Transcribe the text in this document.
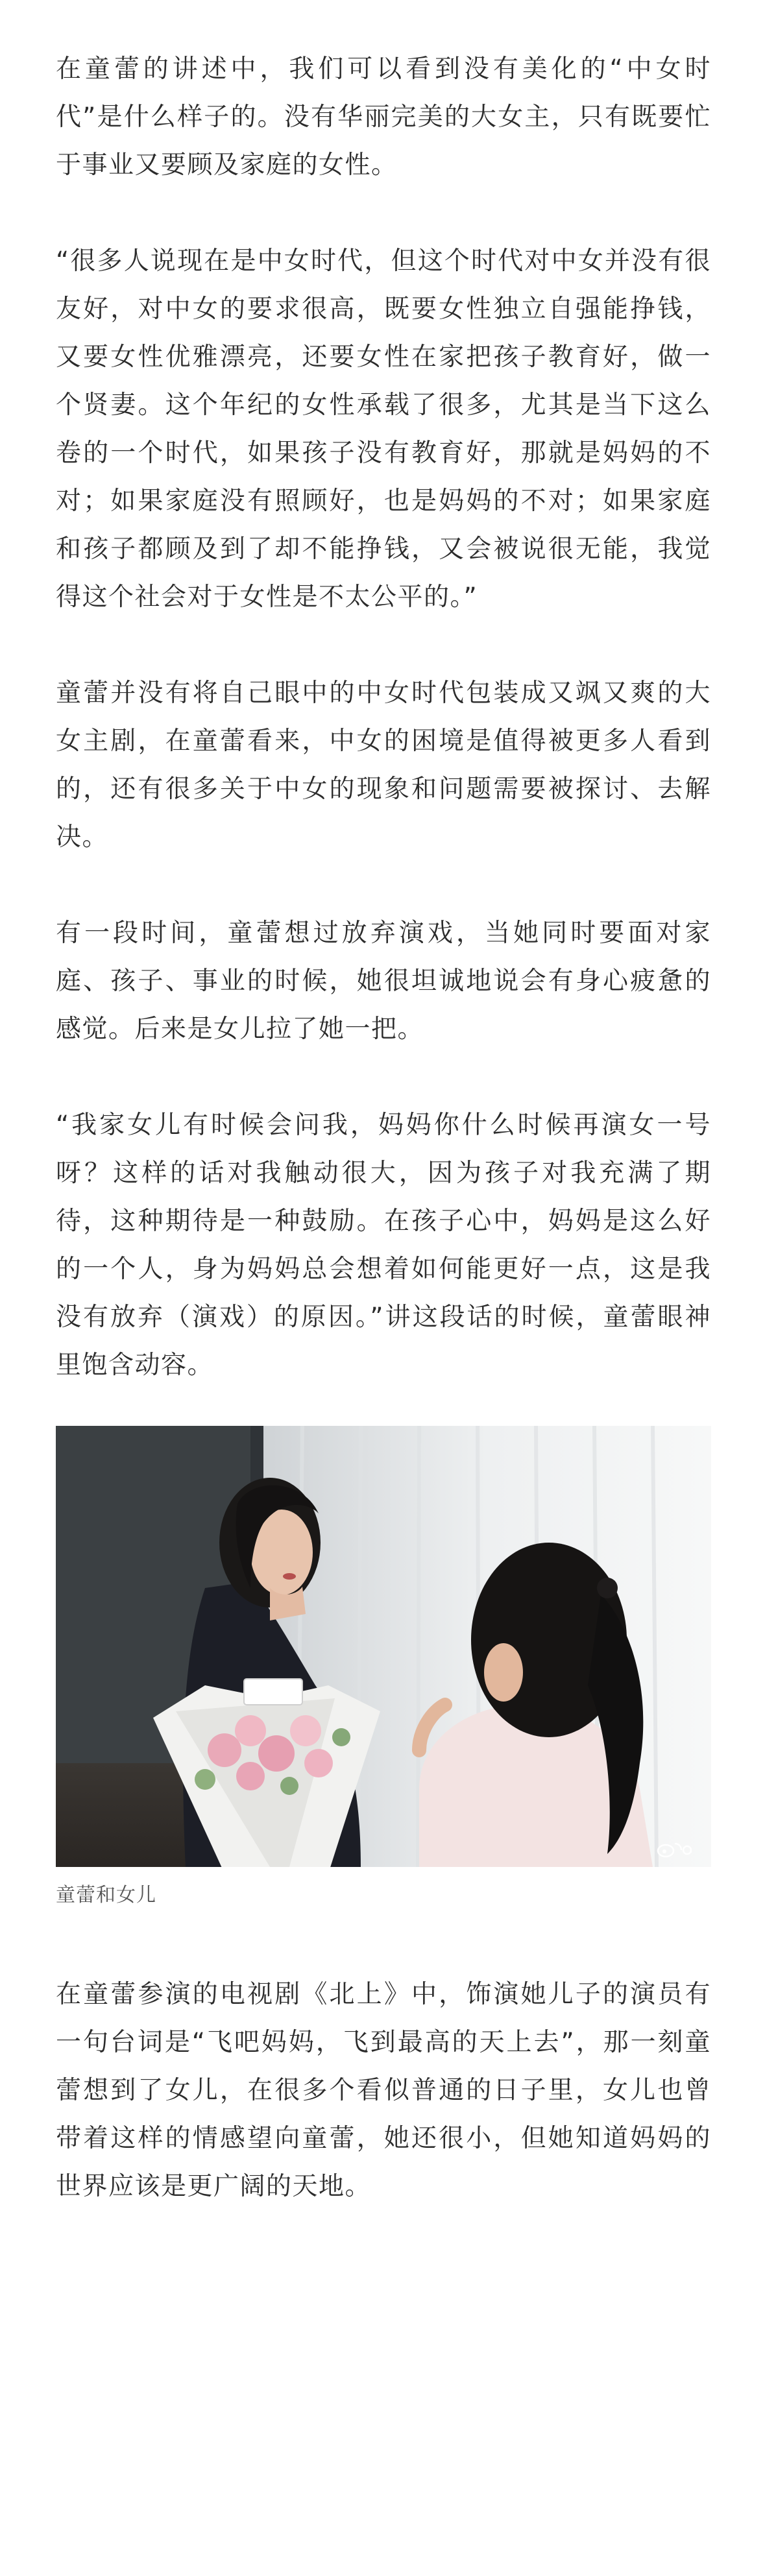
在童蕾的讲述中，我们可以看到没有美化的“中女时代”是什么样子的。没有华丽完美的大女主，只有既要忙于事业又要顾及家庭的女性。

“很多人说现在是中女时代，但这个时代对中女并没有很友好，对中女的要求很高，既要女性独立自强能挣钱，又要女性优雅漂亮，还要女性在家把孩子教育好，做一个贤妻。这个年纪的女性承载了很多，尤其是当下这么卷的一个时代，如果孩子没有教育好，那就是妈妈的不对；如果家庭没有照顾好，也是妈妈的不对；如果家庭和孩子都顾及到了却不能挣钱，又会被说很无能，我觉得这个社会对于女性是不太公平的。”

童蕾并没有将自己眼中的中女时代包装成又飒又爽的大女主剧，在童蕾看来，中女的困境是值得被更多人看到的，还有很多关于中女的现象和问题需要被探讨、去解决。

有一段时间，童蕾想过放弃演戏，当她同时要面对家庭、孩子、事业的时候，她很坦诚地说会有身心疲惫的感觉。后来是女儿拉了她一把。

“我家女儿有时候会问我，妈妈你什么时候再演女一号呀？这样的话对我触动很大，因为孩子对我充满了期待，这种期待是一种鼓励。在孩子心中，妈妈是这么好的一个人，身为妈妈总会想着如何能更好一点，这是我没有放弃（演戏）的原因。”讲这段话的时候，童蕾眼神里饱含动容。

童蕾和女儿

在童蕾参演的电视剧《北上》中，饰演她儿子的演员有一句台词是“飞吧妈妈，飞到最高的天上去”，那一刻童蕾想到了女儿，在很多个看似普通的日子里，女儿也曾带着这样的情感望向童蕾，她还很小，但她知道妈妈的世界应该是更广阔的天地。
